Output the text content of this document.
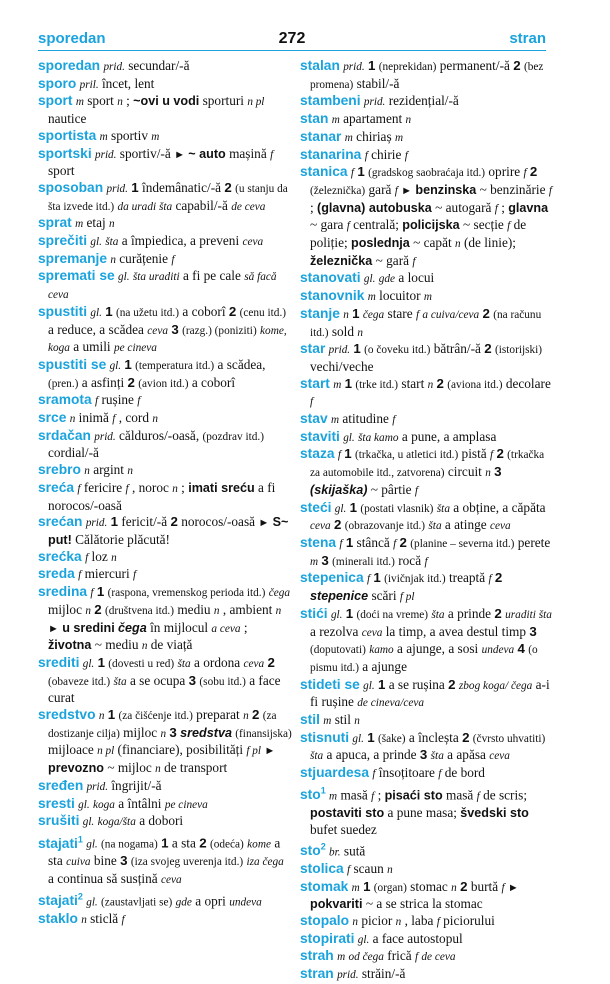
sporedan	272	stran

sporedan prid. secundar/-ă

sporo pril. încet, lent

sport m sport n ; ~ovi u vodi sporturi n pl nautice

sportista m sportiv m

sportski prid. sportiv/-ă ► ~ auto mașină f sport

sposoban prid. 1 îndemânatic/-ă 2 (u stanju da šta izvede itd.) da uradi šta capabil/-ă de ceva

sprat m etaj n

sprečiti gl. šta a împiedica, a preveni ceva

spremanje n curățenie f

spremati se gl. šta uraditi a fi pe cale să facă ceva

spustiti gl. 1 (na užetu itd.) a coborî 2 (cenu itd.) a reduce, a scădea ceva 3 (razg.) (poniziti) kome, koga a umili pe cineva

spustiti se gl. 1 (temperatura itd.) a scădea, (pren.) a asfinți 2 (avion itd.) a coborî

sramota f rușine f

srce n inimă f , cord n

srdačan prid. călduros/-oasă, (pozdrav itd.) cordial/-ă

srebro n argint n

sreća f fericire f , noroc n ; imati sreću a fi norocos/-oasă

srećan prid. 1 fericit/-ă 2 norocos/-oasă ► S~ put! Călătorie plăcută!

srećka f loz n

sreda f miercuri f

sredina f 1 (raspona, vremenskog perioda itd.) čega mijloc n 2 (društvena itd.) mediu n , ambient n ► u sredini čega în mijlocul a ceva ; životna ~ mediu n de viață

srediti gl. 1 (dovesti u red) šta a ordona ceva 2 (obaveze itd.) šta a se ocupa 3 (sobu itd.) a face curat

sredstvo n 1 (za čišćenje itd.) preparat n 2 (za dostizanje cilja) mijloc n 3 sredstva (finansijska) mijloace n pl (financiare), posibilități f pl ► prevozno ~ mijloc n de transport

sređen prid. îngrijit/-ă

sresti gl. koga a întâlni pe cineva

srušiti gl. koga/šta a dobori

stajati$^1$ gl. (na nogama) 1 a sta 2 (odeća) kome a sta cuiva bine 3 (iza svojeg uverenja itd.) iza čega a continua să susțină ceva

stajati$^2$ gl. (zaustavljati se) gde a opri undeva

staklo n sticlă f

stalan prid. 1 (neprekidan) permanent/-ă 2 (bez promena) stabil/-ă

stambeni prid. rezidențial/-ă

stan m apartament n

stanar m chiriaș m

stanarina f chirie f

stanica f 1 (gradskog saobraćaja itd.) oprire f 2 (železnička) gară f ► benzinska ~ benzinărie f ; (glavna) autobuska ~ autogară f ; glavna ~ gara f centrală; policijska ~ secție f de poliție; poslednja ~ capăt n (de linie); železnička ~ gară f

stanovati gl. gde a locui

stanovnik m locuitor m

stanje n 1 čega stare f a cuiva/ceva 2 (na računu itd.) sold n

star prid. 1 (o čoveku itd.) bătrân/-ă 2 (istorijski) vechi/veche

start m 1 (trke itd.) start n 2 (aviona itd.) decolare f

stav m atitudine f

staviti gl. šta kamo a pune, a amplasa

staza f 1 (trkačka, u atletici itd.) pistă f 2 (trkačka za automobile itd., zatvorena) circuit n 3 (skijaška) ~ pârtie f

steći gl. 1 (postati vlasnik) šta a obține, a căpăta ceva 2 (obrazovanje itd.) šta a atinge ceva

stena f 1 stâncă f 2 (planine – severna itd.) perete m 3 (minerali itd.) rocă f

stepenica f 1 (ivičnjak itd.) treaptă f 2 stepenice scări f pl

stići gl. 1 (doći na vreme) šta a prinde 2 uraditi šta a rezolva ceva la timp, a avea destul timp 3 (doputovati) kamo a ajunge, a sosi undeva 4 (o pismu itd.) a ajunge

stideti se gl. 1 a se rușina 2 zbog koga/ čega a-i fi rușine de cineva/ceva

stil m stil n

stisnuti gl. 1 (šake) a încleșta 2 (čvrsto uhvatiti) šta a apuca, a prinde 3 šta a apăsa ceva

stjuardesa f însoțitoare f de bord

sto$^1$ m masă f ; pisaći sto masă f de scris; postaviti sto a pune masa; švedski sto bufet suedez

sto$^2$ br. sută

stolica f scaun n

stomak m 1 (organ) stomac n 2 burtă f ► pokvariti ~ a se strica la stomac

stopalo n picior n , laba f piciorului

stopirati gl. a face autostopul

strah m od čega frică f de ceva

stran prid. străin/-ă
